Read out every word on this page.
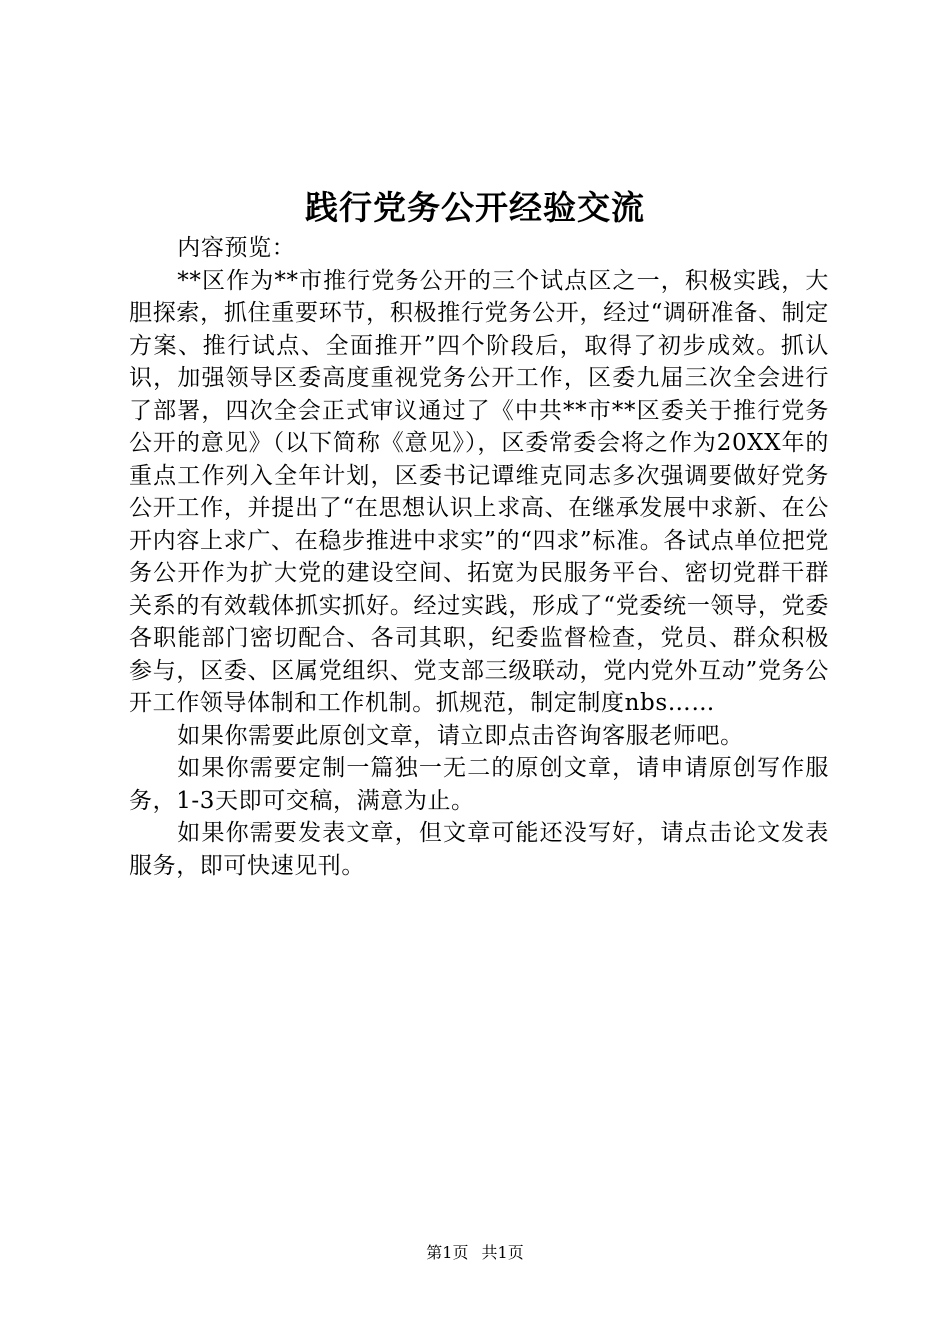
践行党务公开经验交流

内容预览：

**区作为**市推行党务公开的三个试点区之一，积极实践，大胆探索，抓住重要环节，积极推行党务公开，经过“调研准备、制定方案、推行试点、全面推开”四个阶段后，取得了初步成效。抓认识，加强领导区委高度重视党务公开工作，区委九届三次全会进行了部署，四次全会正式审议通过了《中共**市**区委关于推行党务公开的意见》（以下简称《意见》），区委常委会将之作为20XX年的重点工作列入全年计划，区委书记谭维克同志多次强调要做好党务公开工作，并提出了“在思想认识上求高、在继承发展中求新、在公开内容上求广、在稳步推进中求实”的“四求”标准。各试点单位把党务公开作为扩大党的建设空间、拓宽为民服务平台、密切党群干群关系的有效载体抓实抓好。经过实践，形成了“党委统一领导，党委各职能部门密切配合、各司其职，纪委监督检查，党员、群众积极参与，区委、区属党组织、党支部三级联动，党内党外互动”党务公开工作领导体制和工作机制。抓规范，制定制度nbs……

如果你需要此原创文章，请立即点击咨询客服老师吧。

如果你需要定制一篇独一无二的原创文章，请申请原创写作服务，1-3天即可交稿，满意为止。

如果你需要发表文章，但文章可能还没写好，请点击论文发表服务，即可快速见刊。

第1页 共1页
